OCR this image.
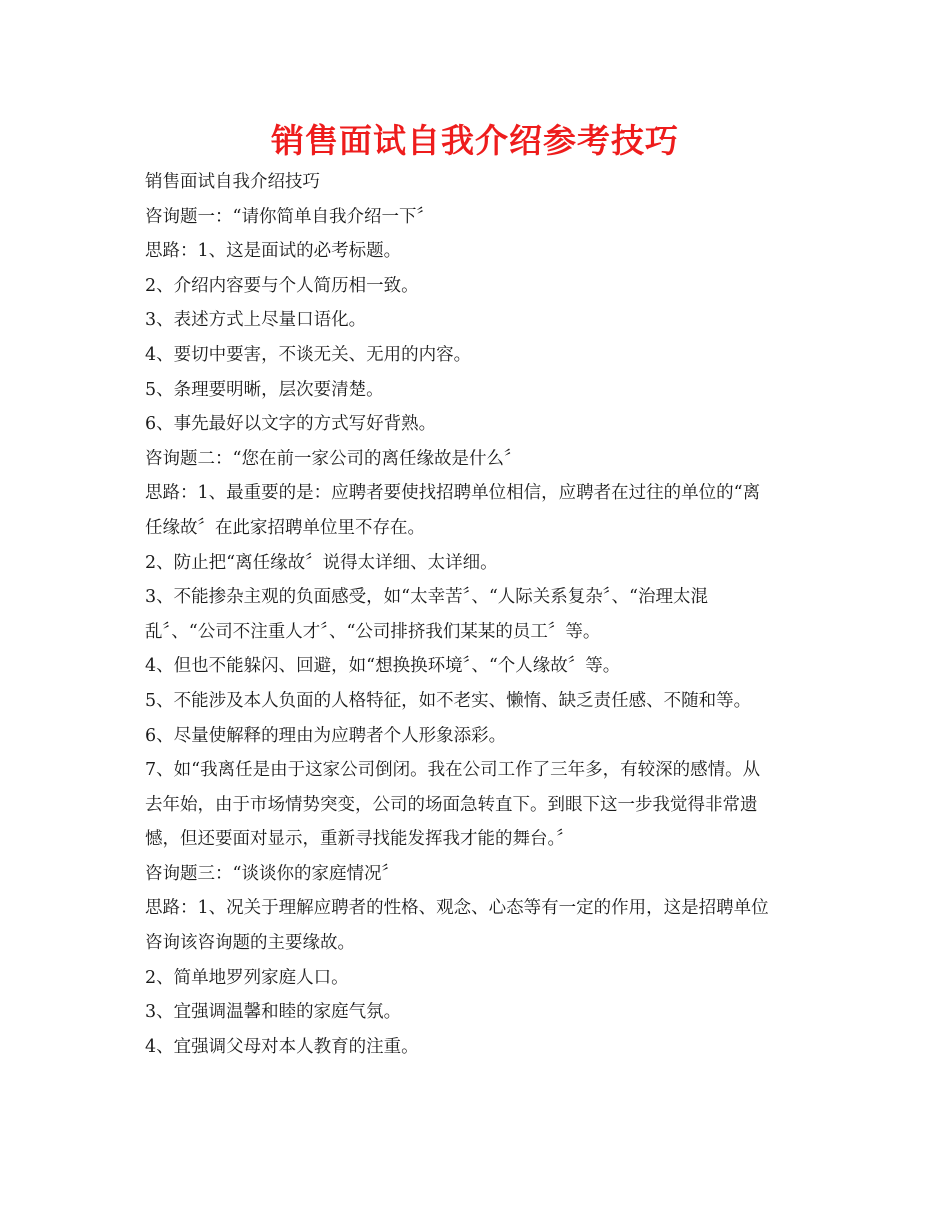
销售面试自我介绍参考技巧
销售面试自我介绍技巧
咨询题一：“请你简单自我介绍一下〞
思路：1、这是面试的必考标题。
2、介绍内容要与个人简历相一致。
3、表述方式上尽量口语化。
4、要切中要害，不谈无关、无用的内容。
5、条理要明晰，层次要清楚。
6、事先最好以文字的方式写好背熟。
咨询题二：“您在前一家公司的离任缘故是什么〞
思路：1、最重要的是：应聘者要使找招聘单位相信，应聘者在过往的单位的“离
任缘故〞在此家招聘单位里不存在。
2、防止把“离任缘故〞说得太详细、太详细。
3、不能掺杂主观的负面感受，如“太幸苦〞、“人际关系复杂〞、“治理太混
乱〞、“公司不注重人才〞、“公司排挤我们某某的员工〞等。
4、但也不能躲闪、回避，如“想换换环境〞、“个人缘故〞等。
5、不能涉及本人负面的人格特征，如不老实、懒惰、缺乏责任感、不随和等。
6、尽量使解释的理由为应聘者个人形象添彩。
7、如“我离任是由于这家公司倒闭。我在公司工作了三年多，有较深的感情。从
去年始，由于市场情势突变，公司的场面急转直下。到眼下这一步我觉得非常遗
憾，但还要面对显示，重新寻找能发挥我才能的舞台。〞
咨询题三：“谈谈你的家庭情况〞
思路：1、况关于理解应聘者的性格、观念、心态等有一定的作用，这是招聘单位
咨询该咨询题的主要缘故。
2、简单地罗列家庭人口。
3、宜强调温馨和睦的家庭气氛。
4、宜强调父母对本人教育的注重。
